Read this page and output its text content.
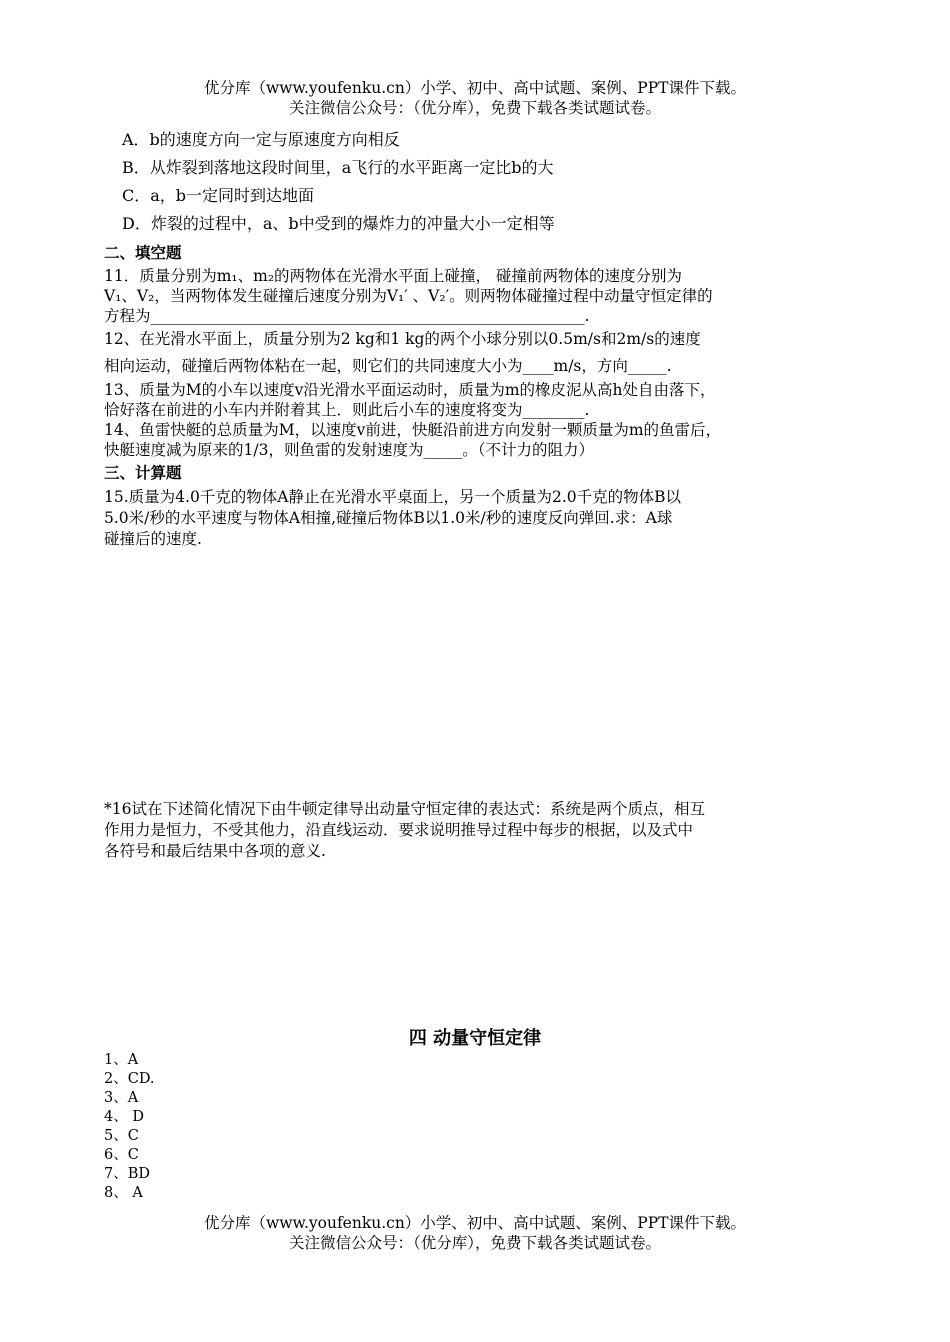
优分库（www.youfenku.cn）小学、初中、高中试题、案例、PPT课件下载。
关注微信公众号：（优分库），免费下载各类试题试卷。
A．b的速度方向一定与原速度方向相反
B．从炸裂到落地这段时间里，a飞行的水平距离一定比b的大
C．a，b一定同时到达地面
D．炸裂的过程中，a、b中受到的爆炸力的冲量大小一定相等
二、填空题
11．质量分别为m₁、m₂的两物体在光滑水平面上碰撞， 碰撞前两物体的速度分别为
V₁、V₂，当两物体发生碰撞后速度分别为V₁′ 、V₂′。则两物体碰撞过程中动量守恒定律的
方程为________________________________________________________.
12、在光滑水平面上，质量分别为2 kg和1 kg的两个小球分别以0.5m/s和2m/s的速度
相向运动，碰撞后两物体粘在一起，则它们的共同速度大小为____m/s，方向_____.
13、质量为M的小车以速度v沿光滑水平面运动时，质量为m的橡皮泥从高h处自由落下，
恰好落在前进的小车内并附着其上．则此后小车的速度将变为________.
14、鱼雷快艇的总质量为M，以速度v前进，快艇沿前进方向发射一颗质量为m的鱼雷后，
快艇速度减为原来的1/3，则鱼雷的发射速度为_____。（不计力的阻力）
三、计算题
15.质量为4.0千克的物体A静止在光滑水平桌面上，另一个质量为2.0千克的物体B以
5.0米/秒的水平速度与物体A相撞,碰撞后物体B以1.0米/秒的速度反向弹回.求：A球
碰撞后的速度.
*16试在下述简化情况下由牛顿定律导出动量守恒定律的表达式：系统是两个质点，相互
作用力是恒力，不受其他力，沿直线运动．要求说明推导过程中每步的根据，以及式中
各符号和最后结果中各项的意义.
四 动量守恒定律
1、A
2、CD.
3、A
4、 D
5、C
6、C
7、BD
8、 A
优分库（www.youfenku.cn）小学、初中、高中试题、案例、PPT课件下载。
关注微信公众号：（优分库），免费下载各类试题试卷。
